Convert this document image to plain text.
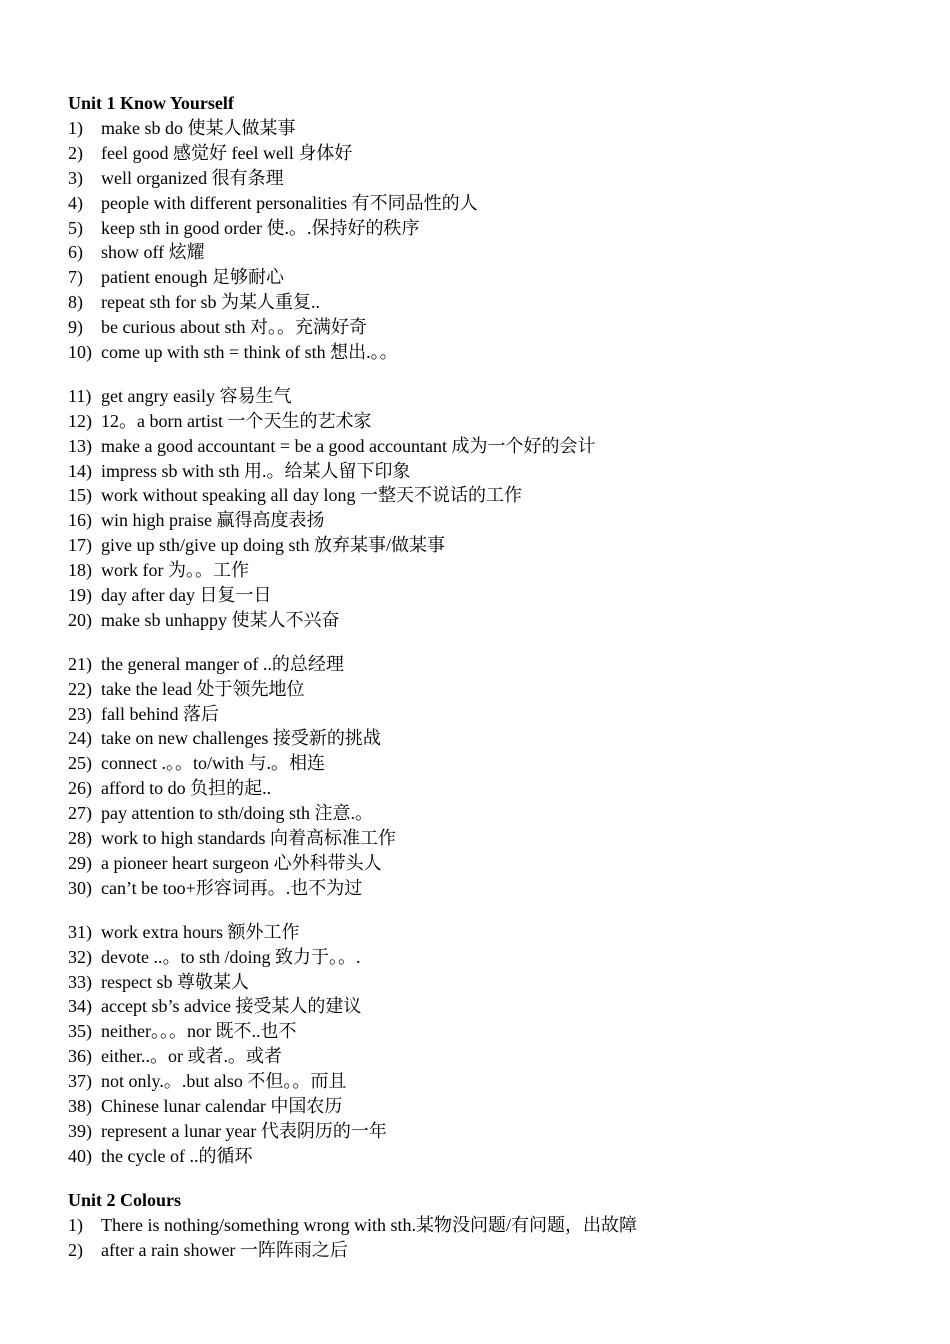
Unit 1 Know Yourself
1)	make sb do 使某人做某事
2)	feel good 感觉好 feel well 身体好
3)	well organized 很有条理
4)	people with different personalities 有不同品性的人
5)	keep sth in good order 使.。.保持好的秩序
6)	show off 炫耀
7)	patient enough 足够耐心
8)	repeat sth for sb 为某人重复..
9)	be curious about sth 对。。充满好奇
10) come up with sth = think of sth 想出.。。
11) get angry easily 容易生气
12) 12。a born artist 一个天生的艺术家
13) make a good accountant = be a good accountant 成为一个好的会计
14) impress sb with sth 用.。给某人留下印象
15) work without speaking all day long 一整天不说话的工作
16) win high praise 赢得高度表扬
17) give up sth/give up doing sth 放弃某事/做某事
18) work for 为。。工作
19) day after day 日复一日
20) make sb unhappy 使某人不兴奋
21) the general manger of ..的总经理
22) take the lead 处于领先地位
23) fall behind 落后
24) take on new challenges 接受新的挑战
25) connect .。。to/with 与.。相连
26) afford to do 负担的起..
27) pay attention to sth/doing sth 注意.。
28) work to high standards 向着高标准工作
29) a pioneer heart surgeon 心外科带头人
30) can’t be too+形容词再。.也不为过
31) work extra hours 额外工作
32) devote ..。to sth /doing 致力于。。.
33) respect sb 尊敬某人
34) accept sb’s advice 接受某人的建议
35) neither。。。nor 既不..也不
36) either..。or 或者.。或者
37) not only.。.but also 不但。。而且
38) Chinese lunar calendar 中国农历
39) represent a lunar year 代表阴历的一年
40) the cycle of ..的循环
Unit 2 Colours
1)	There is nothing/something wrong with sth.某物没问题/有问题，出故障
2)	after a rain shower 一阵阵雨之后
